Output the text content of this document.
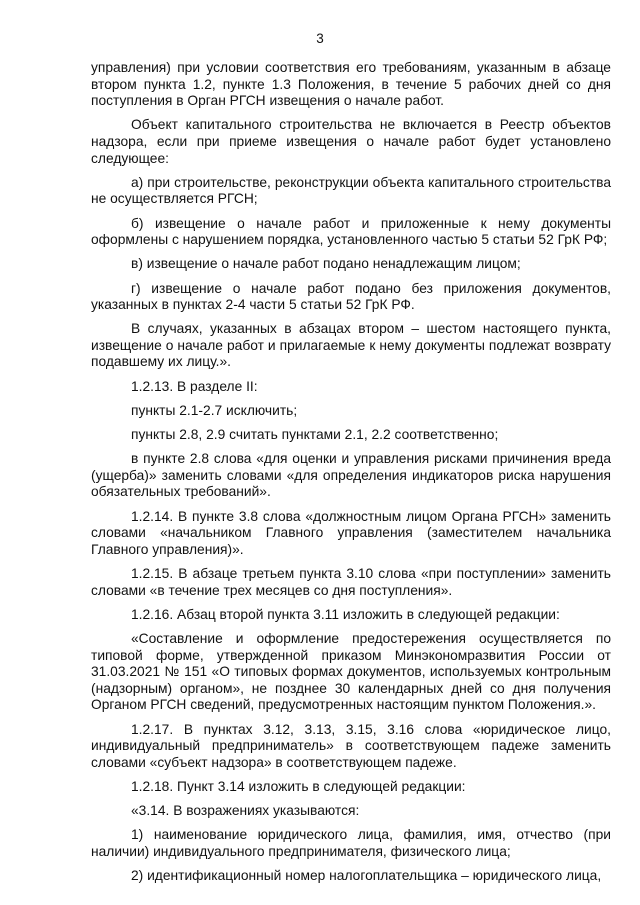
3

управления) при условии соответствия его требованиям, указанным в абзаце втором пункта 1.2, пункте 1.3 Положения, в течение 5 рабочих дней со дня поступления в Орган РГСН извещения о начале работ.

Объект капитального строительства не включается в Реестр объектов надзора, если при приеме извещения о начале работ будет установлено следующее:

а) при строительстве, реконструкции объекта капитального строительства не осуществляется РГСН;

б) извещение о начале работ и приложенные к нему документы оформлены с нарушением порядка, установленного частью 5 статьи 52 ГрК РФ;

в) извещение о начале работ подано ненадлежащим лицом;

г) извещение о начале работ подано без приложения документов, указанных в пунктах 2-4 части 5 статьи 52 ГрК РФ.

В случаях, указанных в абзацах втором – шестом настоящего пункта, извещение о начале работ и прилагаемые к нему документы подлежат возврату подавшему их лицу.».

1.2.13. В разделе II:

пункты 2.1-2.7 исключить;

пункты 2.8, 2.9 считать пунктами 2.1, 2.2 соответственно;

в пункте 2.8 слова «для оценки и управления рисками причинения вреда (ущерба)» заменить словами «для определения индикаторов риска нарушения обязательных требований».

1.2.14. В пункте 3.8 слова «должностным лицом Органа РГСН» заменить словами «начальником Главного управления (заместителем начальника Главного управления)».

1.2.15. В абзаце третьем пункта 3.10 слова «при поступлении» заменить словами «в течение трех месяцев со дня поступления».

1.2.16. Абзац второй пункта 3.11 изложить в следующей редакции:

«Составление и оформление предостережения осуществляется по типовой форме, утвержденной приказом Минэкономразвития России от 31.03.2021 № 151 «О типовых формах документов, используемых контрольным (надзорным) органом», не позднее 30 календарных дней со дня получения Органом РГСН сведений, предусмотренных настоящим пунктом Положения.».

1.2.17. В пунктах 3.12, 3.13, 3.15, 3.16 слова «юридическое лицо, индивидуальный предприниматель» в соответствующем падеже заменить словами «субъект надзора» в соответствующем падеже.

1.2.18. Пункт 3.14 изложить в следующей редакции:

«3.14. В возражениях указываются:

1) наименование юридического лица, фамилия, имя, отчество (при наличии) индивидуального предпринимателя, физического лица;

2) идентификационный номер налогоплательщика – юридического лица,
